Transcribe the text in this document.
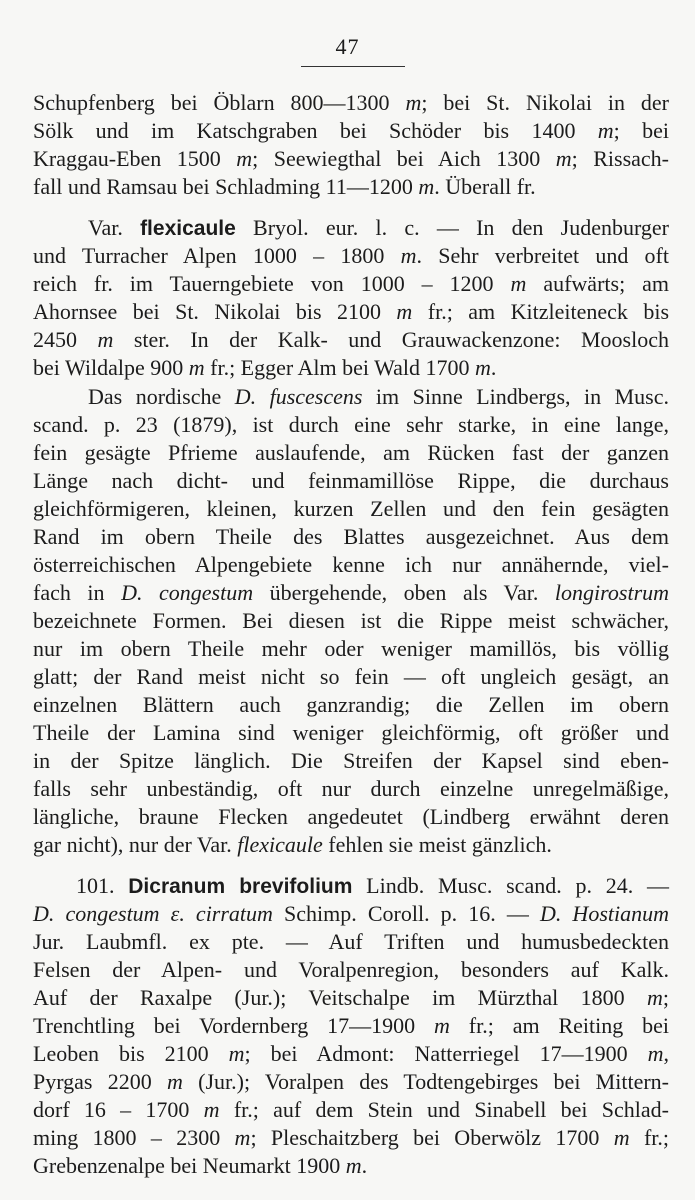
47
Schupfenberg bei Öblarn 800—1300 m; bei St. Nikolai in der
Sölk und im Katschgraben bei Schöder bis 1400 m; bei
Kraggau-Eben 1500 m; Seewiegthal bei Aich 1300 m; Rissach-
fall und Ramsau bei Schladming 11—1200 m. Überall fr.
Var. flexicaule Bryol. eur. l. c. — In den Judenburger
und Turracher Alpen 1000 – 1800 m. Sehr verbreitet und oft
reich fr. im Tauerngebiete von 1000 – 1200 m aufwärts; am
Ahornsee bei St. Nikolai bis 2100 m fr.; am Kitzleiteneck bis
2450 m ster. In der Kalk- und Grauwackenzone: Moosloch
bei Wildalpe 900 m fr.; Egger Alm bei Wald 1700 m.
Das nordische D. fuscescens im Sinne Lindbergs, in Musc.
scand. p. 23 (1879), ist durch eine sehr starke, in eine lange,
fein gesägte Pfrieme auslaufende, am Rücken fast der ganzen
Länge nach dicht- und feinmamillöse Rippe, die durchaus
gleichförmigeren, kleinen, kurzen Zellen und den fein gesägten
Rand im obern Theile des Blattes ausgezeichnet. Aus dem
österreichischen Alpengebiete kenne ich nur annähernde, viel-
fach in D. congestum übergehende, oben als Var. longirostrum
bezeichnete Formen. Bei diesen ist die Rippe meist schwächer,
nur im obern Theile mehr oder weniger mamillös, bis völlig
glatt; der Rand meist nicht so fein — oft ungleich gesägt, an
einzelnen Blättern auch ganzrandig; die Zellen im obern
Theile der Lamina sind weniger gleichförmig, oft größer und
in der Spitze länglich. Die Streifen der Kapsel sind eben-
falls sehr unbeständig, oft nur durch einzelne unregelmäßige,
längliche, braune Flecken angedeutet (Lindberg erwähnt deren
gar nicht), nur der Var. flexicaule fehlen sie meist gänzlich.
101. Dicranum brevifolium Lindb. Musc. scand. p. 24. —
D. congestum ε. cirratum Schimp. Coroll. p. 16. — D. Hostianum
Jur. Laubmfl. ex pte. — Auf Triften und humusbedeckten
Felsen der Alpen- und Voralpenregion, besonders auf Kalk.
Auf der Raxalpe (Jur.); Veitschalpe im Mürzthal 1800 m;
Trenchtling bei Vordernberg 17—1900 m fr.; am Reiting bei
Leoben bis 2100 m; bei Admont: Natterriegel 17—1900 m,
Pyrgas 2200 m (Jur.); Voralpen des Todtengebirges bei Mittern-
dorf 16 – 1700 m fr.; auf dem Stein und Sinabell bei Schlad-
ming 1800 – 2300 m; Pleschaitzberg bei Oberwölz 1700 m fr.;
Grebenzenalpe bei Neumarkt 1900 m.
